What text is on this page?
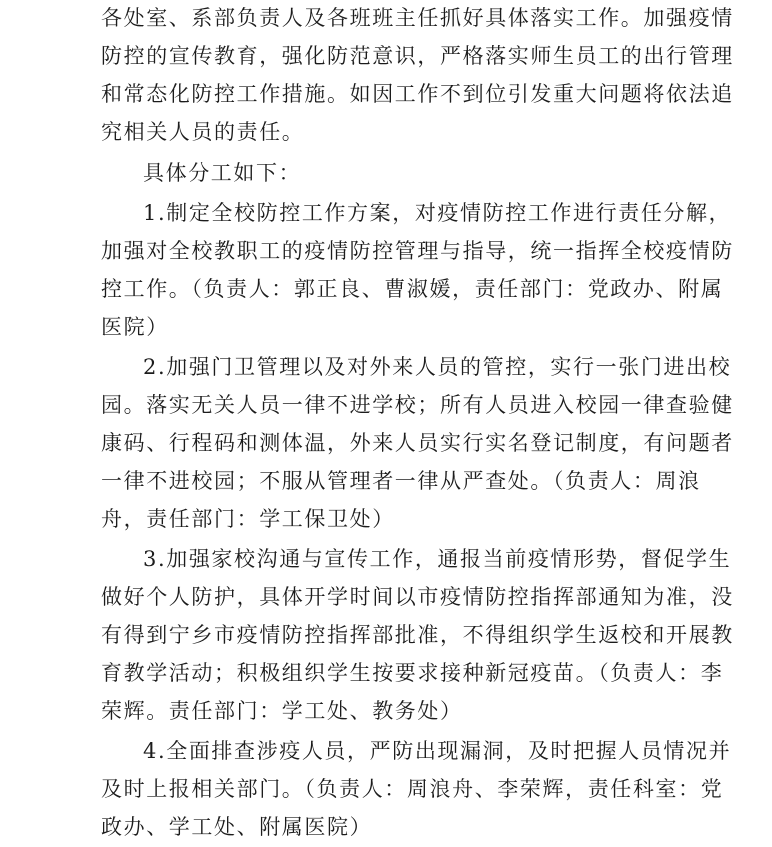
各处室、系部负责人及各班班主任抓好具体落实工作。加强疫情
防控的宣传教育，强化防范意识，严格落实师生员工的出行管理
和常态化防控工作措施。如因工作不到位引发重大问题将依法追
究相关人员的责任。
具体分工如下：
1.制定全校防控工作方案，对疫情防控工作进行责任分解，
加强对全校教职工的疫情防控管理与指导，统一指挥全校疫情防
控工作。（负责人：郭正良、曹淑媛，责任部门：党政办、附属
医院）
2.加强门卫管理以及对外来人员的管控，实行一张门进出校
园。落实无关人员一律不进学校；所有人员进入校园一律查验健
康码、行程码和测体温，外来人员实行实名登记制度，有问题者
一律不进校园；不服从管理者一律从严查处。（负责人：周浪
舟，责任部门：学工保卫处）
3.加强家校沟通与宣传工作，通报当前疫情形势，督促学生
做好个人防护，具体开学时间以市疫情防控指挥部通知为准，没
有得到宁乡市疫情防控指挥部批准，不得组织学生返校和开展教
育教学活动；积极组织学生按要求接种新冠疫苗。（负责人：李
荣辉。责任部门：学工处、教务处）
4.全面排查涉疫人员，严防出现漏洞，及时把握人员情况并
及时上报相关部门。（负责人：周浪舟、李荣辉，责任科室：党
政办、学工处、附属医院）
